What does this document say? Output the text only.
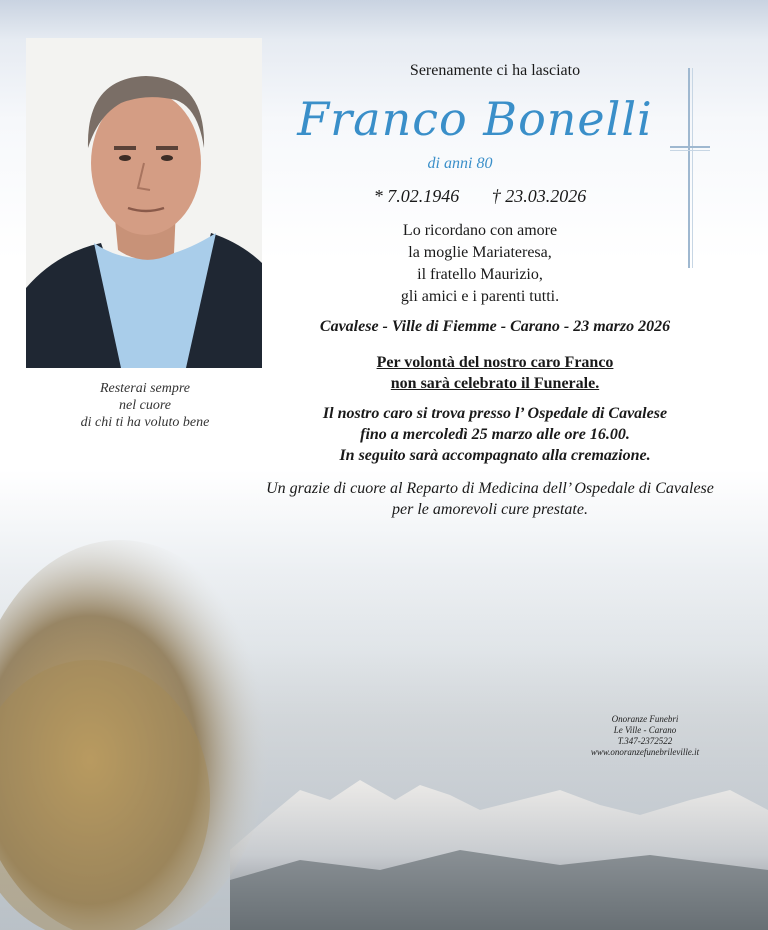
Resterai sempre
nel cuore
di chi ti ha voluto bene
Serenamente ci ha lasciato
Franco Bonelli
di anni 80
* 7.02.1946 † 23.03.2026
Lo ricordano con amore
la moglie Mariateresa,
il fratello Maurizio,
gli amici e i parenti tutti.
Cavalese - Ville di Fiemme - Carano - 23 marzo 2026
Per volontà del nostro caro Franco
non sarà celebrato il Funerale.
Il nostro caro si trova presso l’ Ospedale di Cavalese
fino a mercoledì 25 marzo alle ore 16.00.
In seguito sarà accompagnato alla cremazione.
Un grazie di cuore al Reparto di Medicina dell’ Ospedale di Cavalese
per le amorevoli cure prestate.
Onoranze Funebri
Le Ville - Carano
T.347-2372522
www.onoranzefunebrileville.it
